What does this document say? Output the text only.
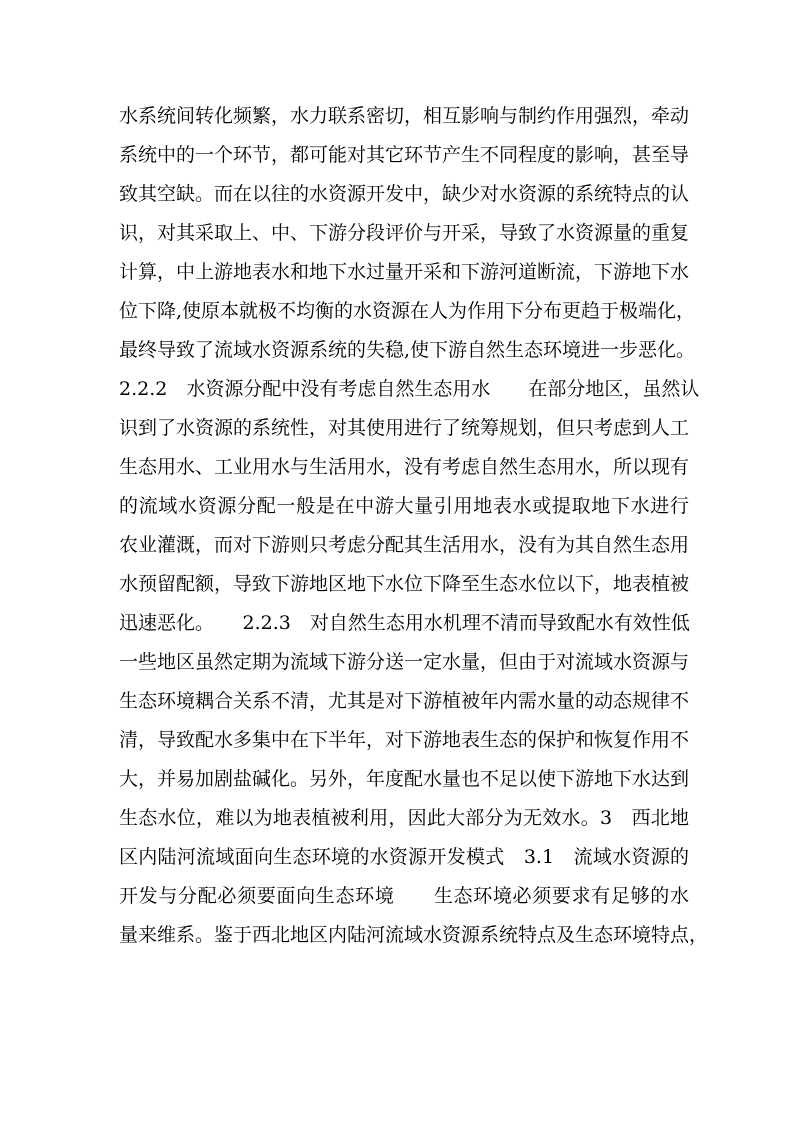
水系统间转化频繁，水力联系密切，相互影响与制约作用强烈，牵动
系统中的一个环节，都可能对其它环节产生不同程度的影响，甚至导
致其空缺。而在以往的水资源开发中，缺少对水资源的系统特点的认
识，对其采取上、中、下游分段评价与开采，导致了水资源量的重复
计算，中上游地表水和地下水过量开采和下游河道断流，下游地下水
位下降,使原本就极不均衡的水资源在人为作用下分布更趋于极端化，
最终导致了流域水资源系统的失稳,使下游自然生态环境进一步恶化。
2.2.2　水资源分配中没有考虑自然生态用水　　在部分地区，虽然认
识到了水资源的系统性，对其使用进行了统筹规划，但只考虑到人工
生态用水、工业用水与生活用水，没有考虑自然生态用水，所以现有
的流域水资源分配一般是在中游大量引用地表水或提取地下水进行
农业灌溉，而对下游则只考虑分配其生活用水，没有为其自然生态用
水预留配额，导致下游地区地下水位下降至生态水位以下，地表植被
迅速恶化。　　2.2.3　对自然生态用水机理不清而导致配水有效性低
一些地区虽然定期为流域下游分送一定水量，但由于对流域水资源与
生态环境耦合关系不清，尤其是对下游植被年内需水量的动态规律不
清，导致配水多集中在下半年，对下游地表生态的保护和恢复作用不
大，并易加剧盐碱化。另外，年度配水量也不足以使下游地下水达到
生态水位，难以为地表植被利用，因此大部分为无效水。3　西北地
区内陆河流域面向生态环境的水资源开发模式　3.1　流域水资源的
开发与分配必须要面向生态环境　　生态环境必须要求有足够的水
量来维系。鉴于西北地区内陆河流域水资源系统特点及生态环境特点，
